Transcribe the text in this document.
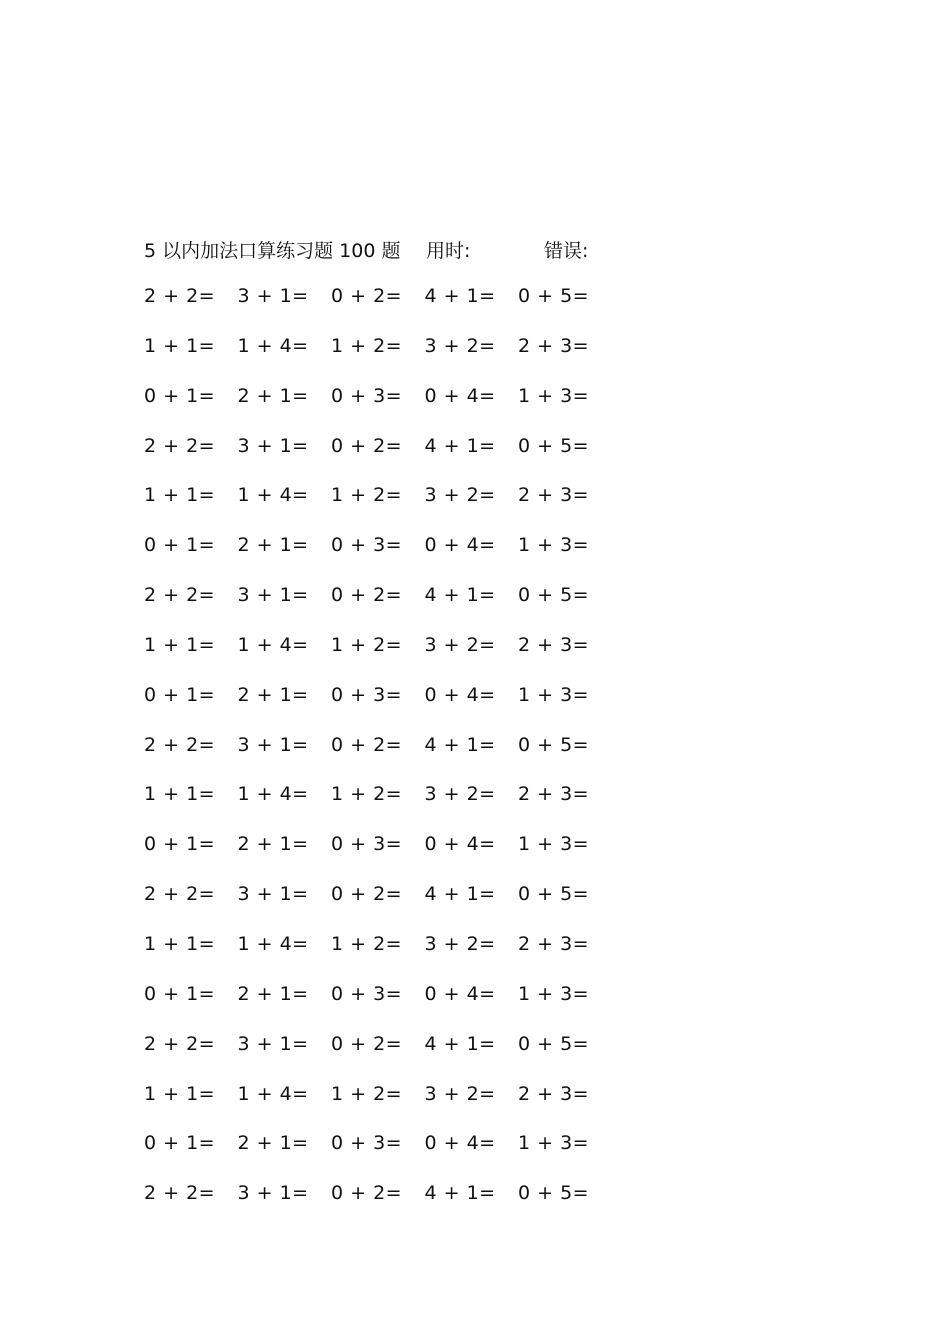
5 以内加法口算练习题 100 题 用时:	错误:
2 + 2=	3 + 1=	0 + 2=	4 + 1=	0 + 5=
1 + 1=	1 + 4=	1 + 2=	3 + 2=	2 + 3=
0 + 1=	2 + 1=	0 + 3=	0 + 4=	1 + 3=
2 + 2=	3 + 1=	0 + 2=	4 + 1=	0 + 5=
1 + 1=	1 + 4=	1 + 2=	3 + 2=	2 + 3=
0 + 1=	2 + 1=	0 + 3=	0 + 4=	1 + 3=
2 + 2=	3 + 1=	0 + 2=	4 + 1=	0 + 5=
1 + 1=	1 + 4=	1 + 2=	3 + 2=	2 + 3=
0 + 1=	2 + 1=	0 + 3=	0 + 4=	1 + 3=
2 + 2=	3 + 1=	0 + 2=	4 + 1=	0 + 5=
1 + 1=	1 + 4=	1 + 2=	3 + 2=	2 + 3=
0 + 1=	2 + 1=	0 + 3=	0 + 4=	1 + 3=
2 + 2=	3 + 1=	0 + 2=	4 + 1=	0 + 5=
1 + 1=	1 + 4=	1 + 2=	3 + 2=	2 + 3=
0 + 1=	2 + 1=	0 + 3=	0 + 4=	1 + 3=
2 + 2=	3 + 1=	0 + 2=	4 + 1=	0 + 5=
1 + 1=	1 + 4=	1 + 2=	3 + 2=	2 + 3=
0 + 1=	2 + 1=	0 + 3=	0 + 4=	1 + 3=
2 + 2=	3 + 1=	0 + 2=	4 + 1=	0 + 5=
